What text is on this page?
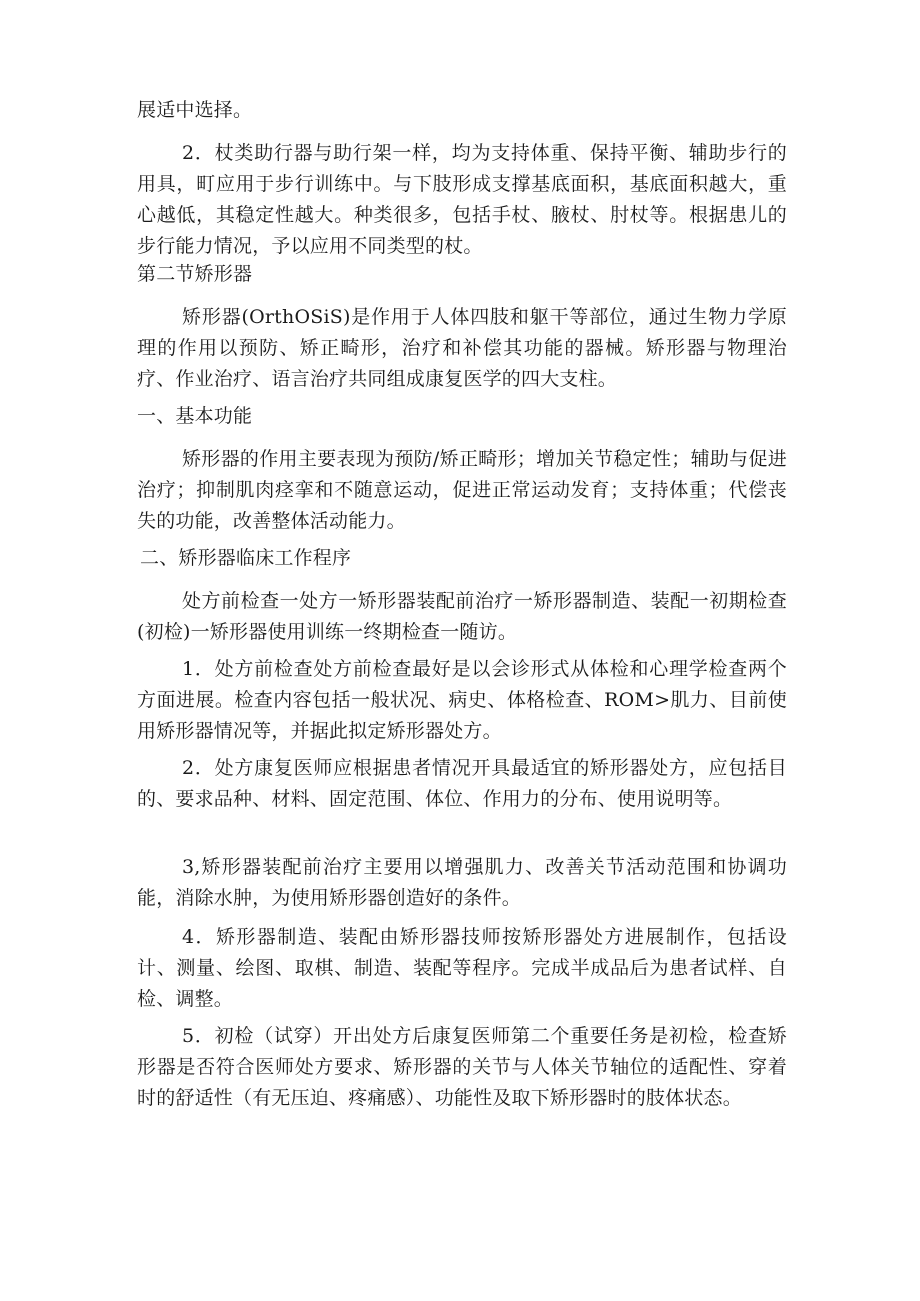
展适中选择。

2．杖类助行器与助行架一样，均为支持体重、保持平衡、辅助步行的用具，町应用于步行训练中。与下肢形成支撑基底面积，基底面积越大，重心越低，其稳定性越大。种类很多，包括手杖、腋杖、肘杖等。根据患儿的步行能力情况，予以应用不同类型的杖。

第二节矫形器

矫形器(OrthOSiS)是作用于人体四肢和躯干等部位，通过生物力学原理的作用以预防、矫正畸形，治疗和补偿其功能的器械。矫形器与物理治疗、作业治疗、语言治疗共同组成康复医学的四大支柱。

一、基本功能

矫形器的作用主要表现为预防/矫正畸形；增加关节稳定性；辅助与促进治疗；抑制肌肉痉挛和不随意运动，促进正常运动发育；支持体重；代偿丧失的功能，改善整体活动能力。

二、矫形器临床工作程序

处方前检查一处方一矫形器装配前治疗一矫形器制造、装配一初期检查(初检)一矫形器使用训练一终期检查一随访。

1．处方前检查处方前检查最好是以会诊形式从体检和心理学检查两个方面进展。检查内容包括一般状况、病史、体格检查、ROM>肌力、目前使用矫形器情况等，并据此拟定矫形器处方。

2．处方康复医师应根据患者情况开具最适宜的矫形器处方，应包括目的、要求品种、材料、固定范围、体位、作用力的分布、使用说明等。

3,矫形器装配前治疗主要用以增强肌力、改善关节活动范围和协调功能，消除水肿，为使用矫形器创造好的条件。

4．矫形器制造、装配由矫形器技师按矫形器处方进展制作，包括设计、测量、绘图、取棋、制造、装配等程序。完成半成品后为患者试样、自检、调整。

5．初检（试穿）开出处方后康复医师第二个重要任务是初检，检查矫形器是否符合医师处方要求、矫形器的关节与人体关节轴位的适配性、穿着时的舒适性（有无压迫、疼痛感）、功能性及取下矫形器时的肢体状态。
